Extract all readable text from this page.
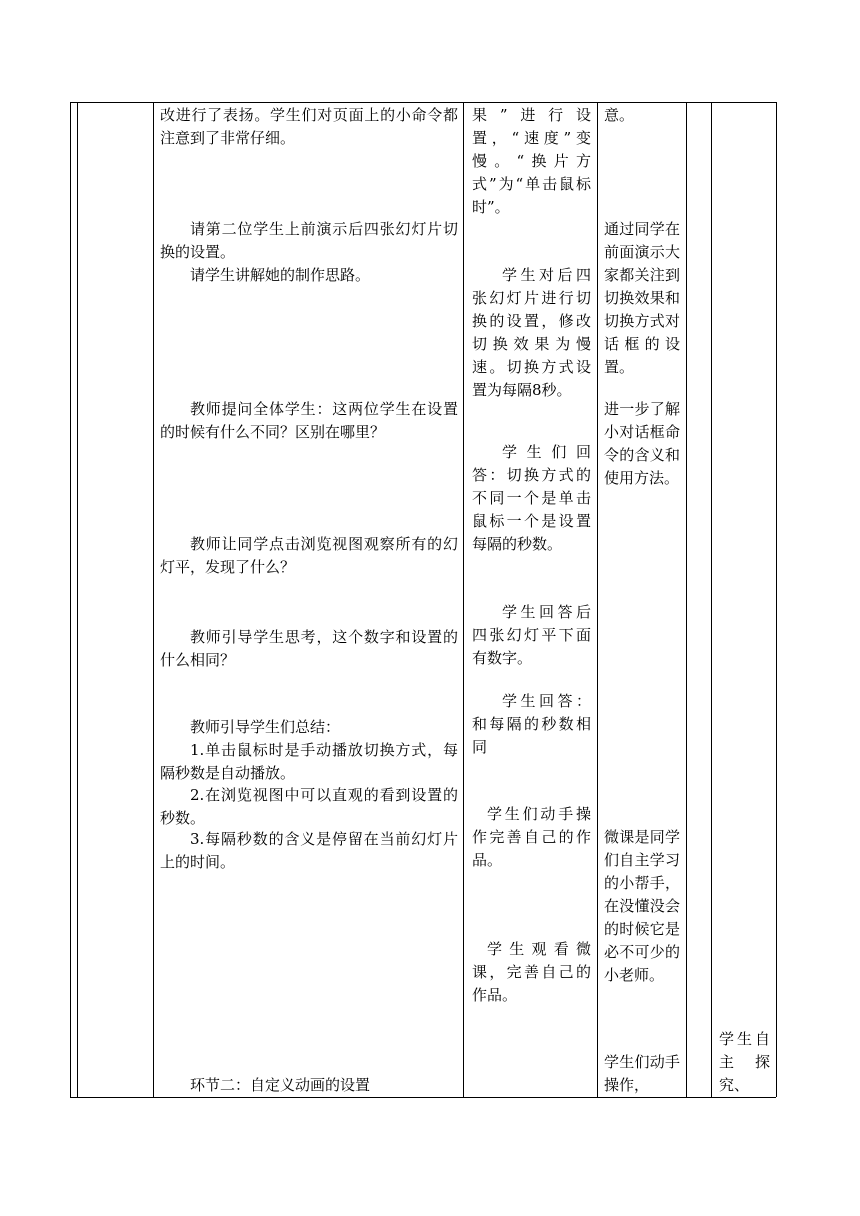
改进行了表扬。学生们对页面上的小命令都注意到了非常仔细。

请第二位学生上前演示后四张幻灯片切换的设置。
请学生讲解她的制作思路。
教师提问全体学生：这两位学生在设置的时候有什么不同？区别在哪里？
教师让同学点击浏览视图观察所有的幻灯平，发现了什么？
教师引导学生思考，这个数字和设置的什么相同？
教师引导学生们总结：
1.单击鼠标时是手动播放切换方式，每隔秒数是自动播放。
2.在浏览视图中可以直观的看到设置的秒数。
3.每隔秒数的含义是停留在当前幻灯片上的时间。
环节二：自定义动画的设置
果”进行设置，“速度”变慢。“换片方式”为“单击鼠标时”。
学生对后四张幻灯片进行切换的设置，修改切换效果为慢速。切换方式设置为每隔8秒。
学生们回答：切换方式的不同一个是单击鼠标一个是设置每隔的秒数。
学生回答后四张幻灯平下面有数字。
学生回答：和每隔的秒数相同
学生们动手操作完善自己的作品。
学生观看微课，完善自己的作品。
意。
通过同学在前面演示大家都关注到切换效果和切换方式对话框的设置。
进一步了解小对话框命令的含义和使用方法。
微课是同学们自主学习的小帮手，在没懂没会的时候它是必不可少的小老师。
学生们动手操作，
学生自主探究、
